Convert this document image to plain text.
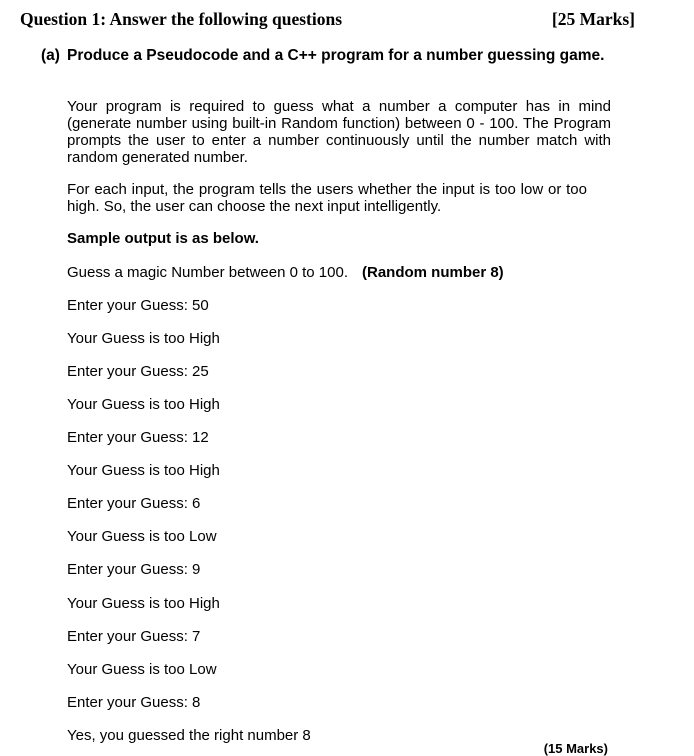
Question 1: Answer the following questions	[25 Marks]
(a) Produce a Pseudocode and a C++ program for a number guessing game.
Your program is required to guess what a number a computer has in mind (generate number using built-in Random function) between 0 - 100. The Program prompts the user to enter a number continuously until the number match with random generated number.
For each input, the program tells the users whether the input is too low or too high. So, the user can choose the next input intelligently.
Sample output is as below.
Guess a magic Number between 0 to 100. (Random number 8)
Enter your Guess: 50
Your Guess is too High
Enter your Guess: 25
Your Guess is too High
Enter your Guess: 12
Your Guess is too High
Enter your Guess: 6
Your Guess is too Low
Enter your Guess: 9
Your Guess is too High
Enter your Guess: 7
Your Guess is too Low
Enter your Guess: 8
Yes, you guessed the right number 8
(15 Marks)
